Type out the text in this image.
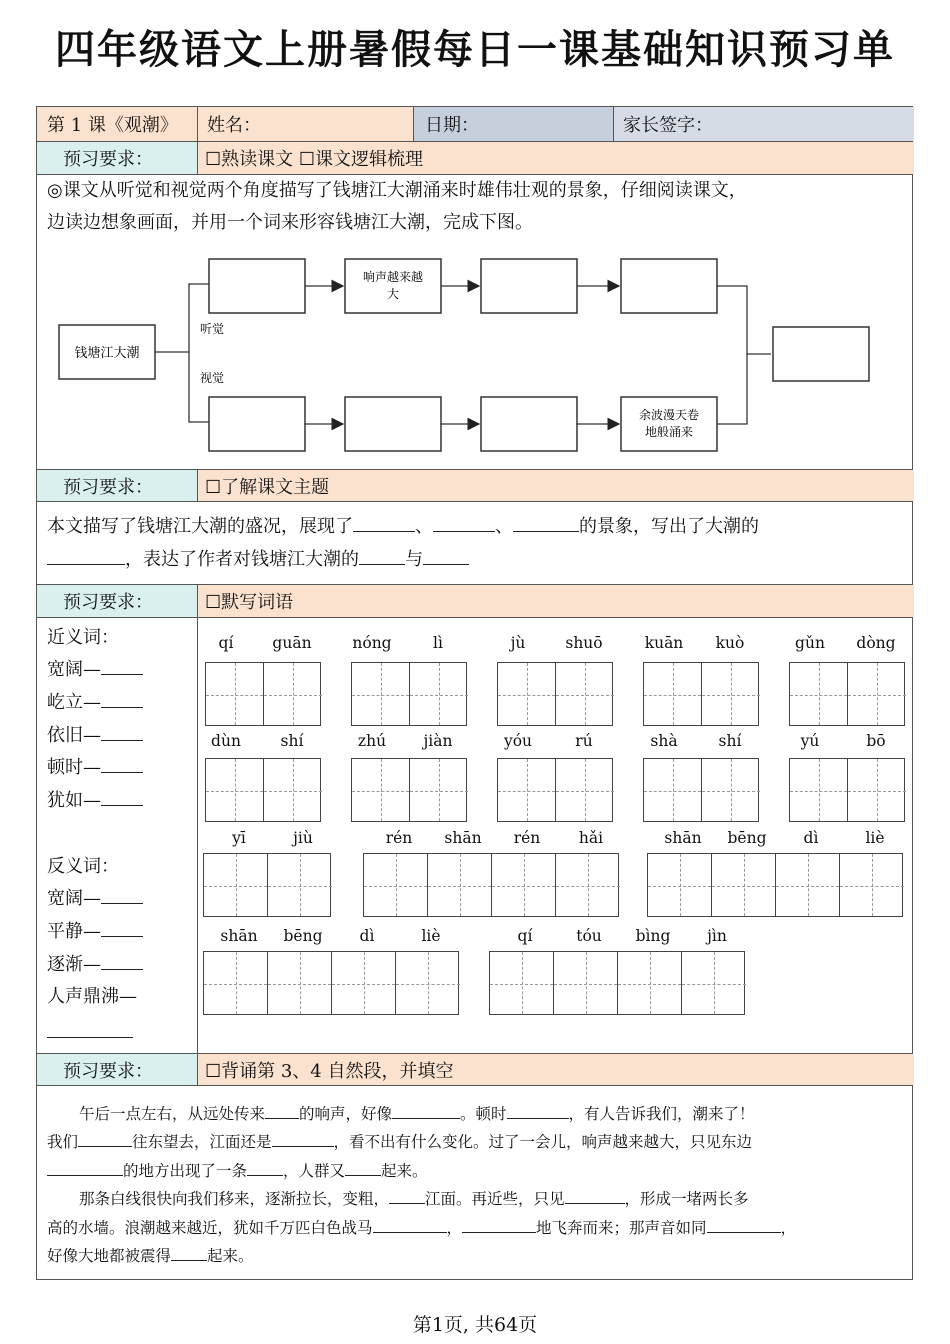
四年级语文上册暑假每日一课基础知识预习单
第 1 课《观潮》	姓名：	日期：	家长签字：
预习要求：	☐熟读课文 ☐课文逻辑梳理
◎课文从听觉和视觉两个角度描写了钱塘江大潮涌来时雄伟壮观的景象，仔细阅读课文，
边读边想象画面，并用一个词来形容钱塘江大潮，完成下图。
钱塘江大潮
听觉
视觉
响声越来越
大
余波漫天卷
地般涌来
预习要求：	☐了解课文主题
本文描写了钱塘江大潮的盛况，展现了	、	、	的景象，写出了大潮的
，表达了作者对钱塘江大潮的	与
预习要求：	☐默写词语
近义词：
宽阔—
屹立—
依旧—
顿时—
犹如—
反义词：
宽阔—
平静—
逐渐—
人声鼎沸—
qí	guān	nóng	lì	jù	shuō	kuān kuò	gǔn dòng
dùn	shí	zhú jiàn	yóu	rú	shà	shí	yú	bō
yī	jiù	rén shān rén hǎi	shān bēng dì	liè
shān bēng dì	liè	qí	tóu bìng jìn
预习要求：	☐背诵第 3、4 自然段，并填空
午后一点左右，从远处传来 的响声，好像	。顿时	，有人告诉我们，潮来了！
我们	往东望去，江面还是	，看不出有什么变化。过了一会儿，响声越来越大，只见东边
的地方出现了一条 ，人群又 起来。
那条白线很快向我们移来，逐渐拉长，变粗， 江面。再近些，只见	，形成一堵两长多
高的水墙。浪潮越来越近，犹如千万匹白色战马	，	地飞奔而来；那声音如同	，
好像大地都被震得 起来。
第1页, 共64页
